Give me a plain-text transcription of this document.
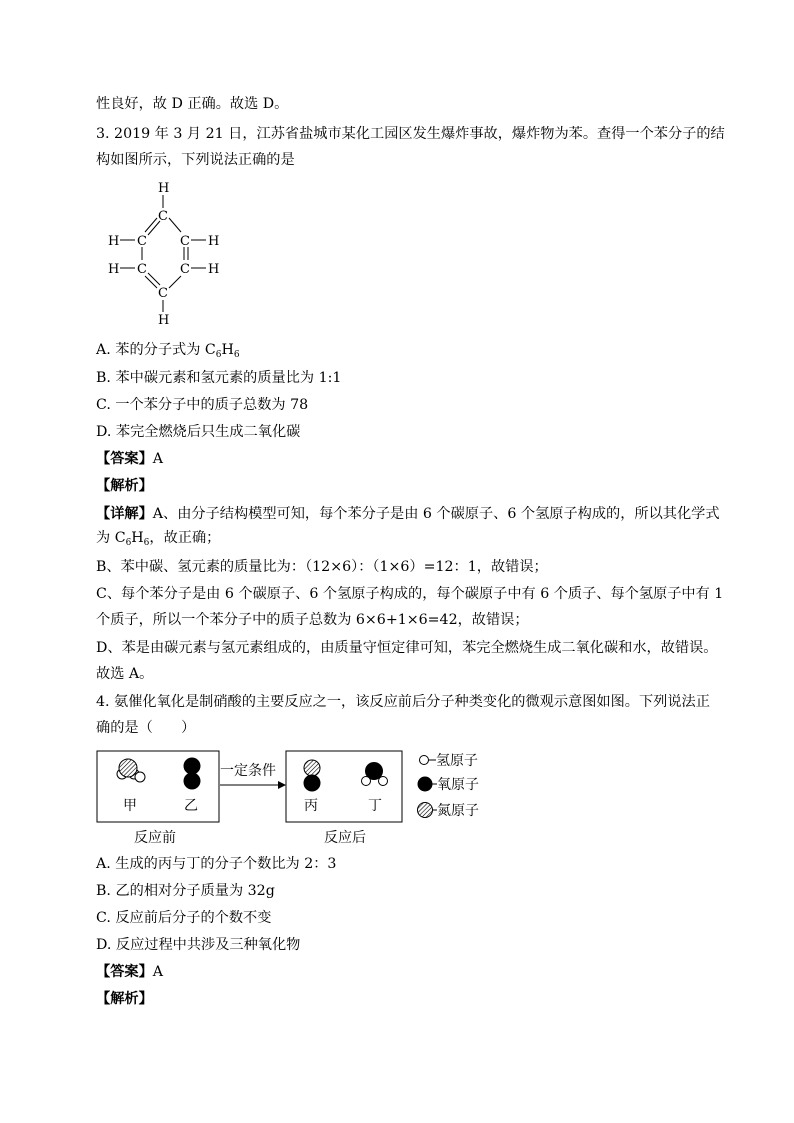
性良好，故 D 正确。故选 D。
3. 2019 年 3 月 21 日，江苏省盐城市某化工园区发生爆炸事故，爆炸物为苯。查得一个苯分子的结
构如图所示，下列说法正确的是
H
C
H C	C H
H C	C H
C
H
A. 苯的分子式为 $C_6H_6$
B. 苯中碳元素和氢元素的质量比为 1:1
C. 一个苯分子中的质子总数为 78
D. 苯完全燃烧后只生成二氧化碳
【答案】A
【解析】
【详解】A、由分子结构模型可知，每个苯分子是由 6 个碳原子、6 个氢原子构成的，所以其化学式
为 $C_6H_6$，故正确；
B、苯中碳、氢元素的质量比为：（12×6）：（1×6）=12：1，故错误；
C、每个苯分子是由 6 个碳原子、6 个氢原子构成的，每个碳原子中有 6 个质子、每个氢原子中有 1
个质子，所以一个苯分子中的质子总数为 6×6+1×6=42，故错误；
D、苯是由碳元素与氢元素组成的，由质量守恒定律可知，苯完全燃烧生成二氧化碳和水，故错误。
故选 A。
4. 氨催化氧化是制硝酸的主要反应之一，该反应前后分子种类变化的微观示意图如图。下列说法正
确的是（　　）
甲	乙
反应前
一定条件
丙	丁
反应后
氢原子
氧原子
氮原子
A. 生成的丙与丁的分子个数比为 2：3
B. 乙的相对分子质量为 32g
C. 反应前后分子的个数不变
D. 反应过程中共涉及三种氧化物
【答案】A
【解析】
